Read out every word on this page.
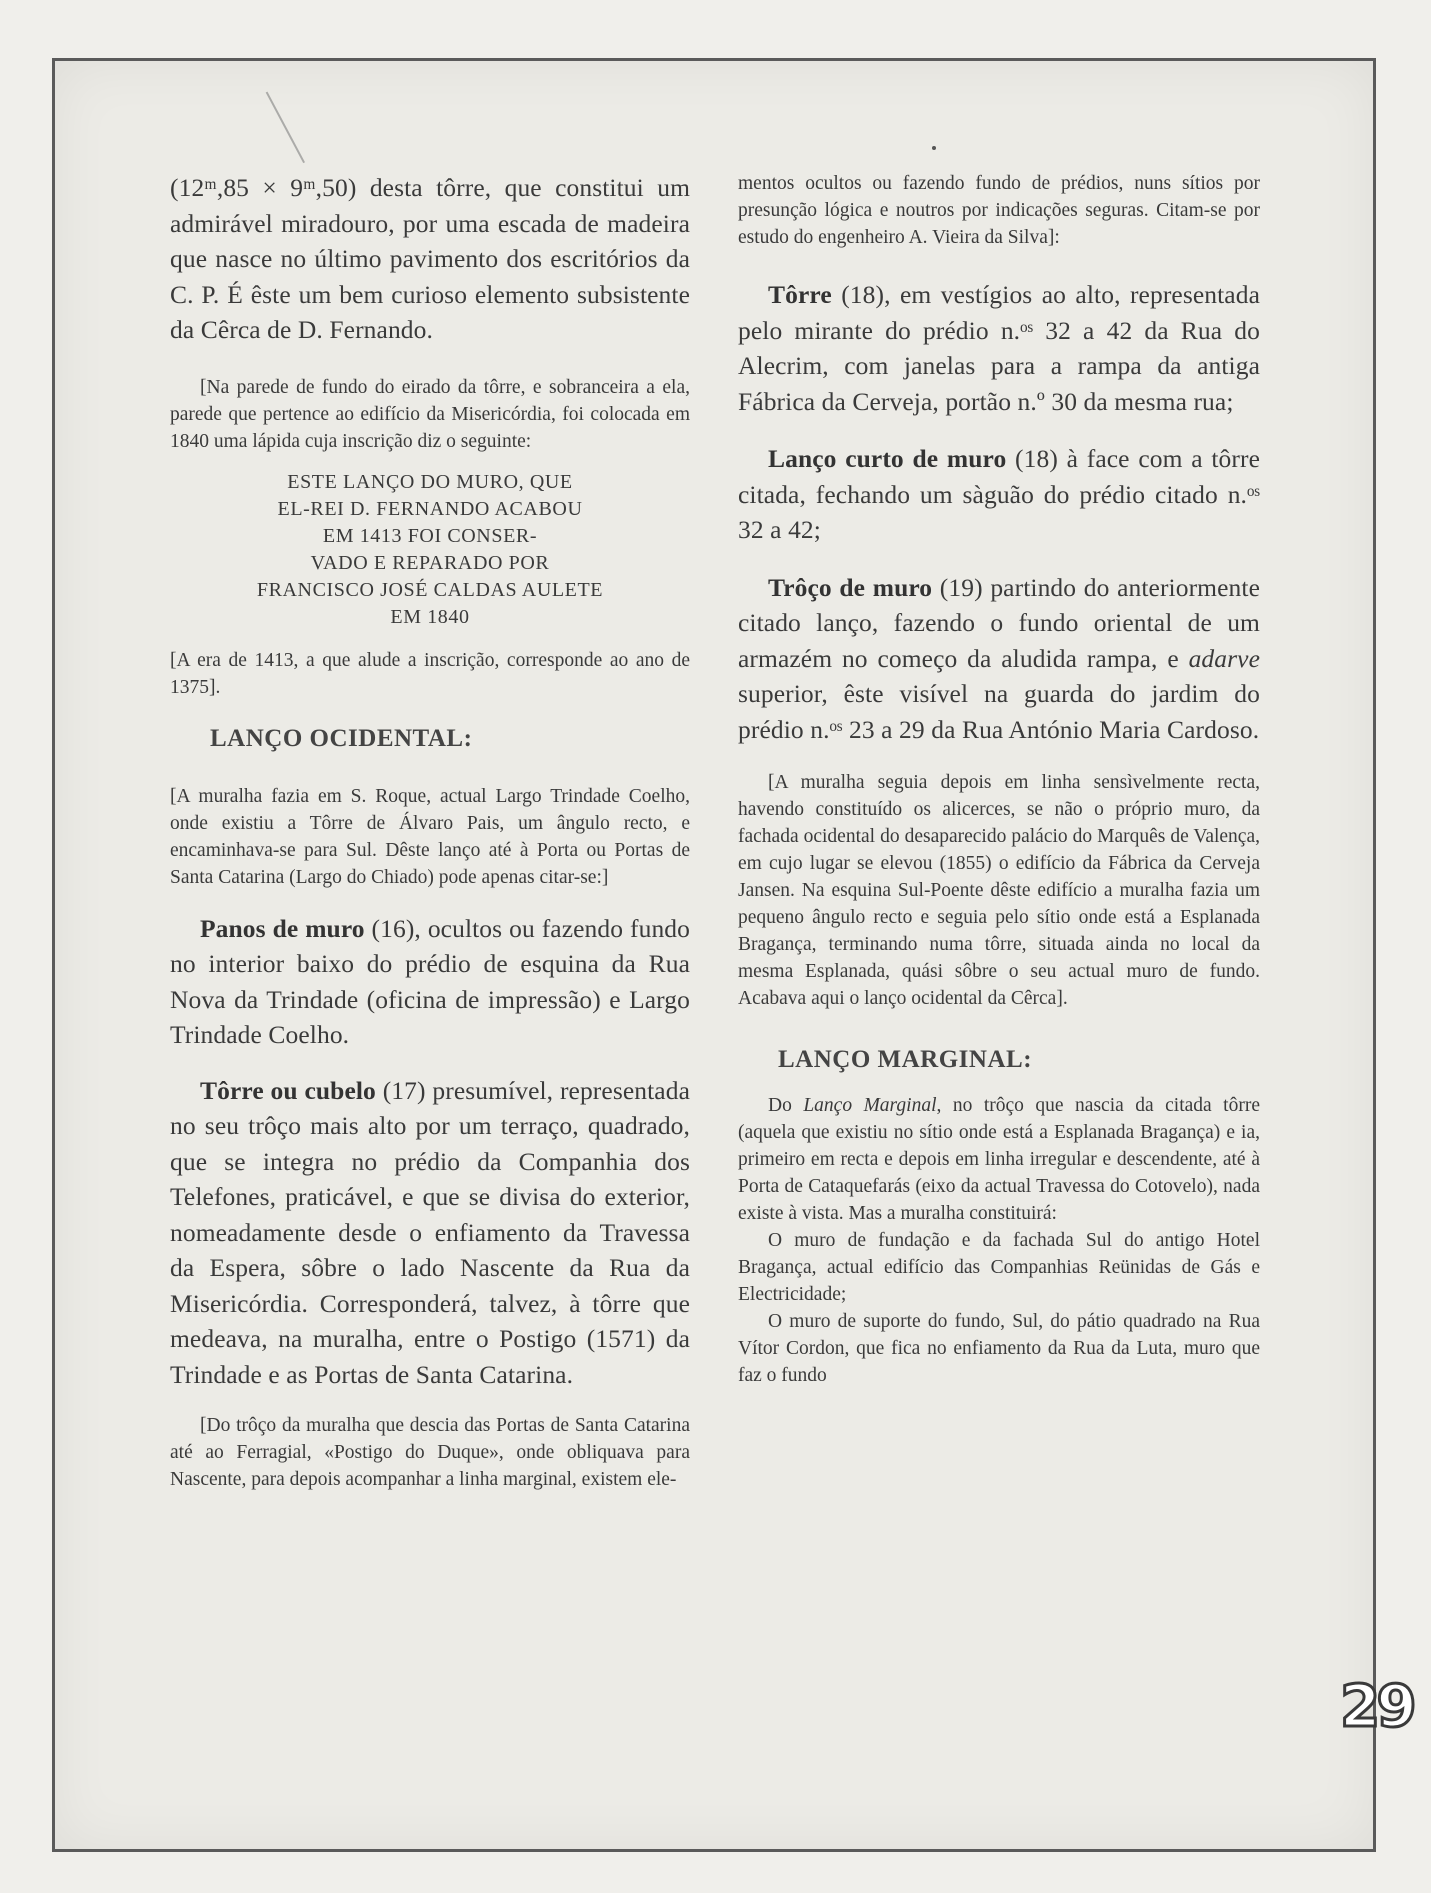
(12ᵐ,85 × 9ᵐ,50) desta tôrre, que constitui um admirável miradouro, por uma escada de madeira que nasce no último pavimento dos escritórios da C. P. É êste um bem curioso elemento subsistente da Cêrca de D. Fernando.

[Na parede de fundo do eirado da tôrre, e sobranceira a ela, parede que pertence ao edifício da Misericórdia, foi colocada em 1840 uma lápida cuja inscrição diz o seguinte:

ESTE LANÇO DO MURO, QUE
EL-REI D. FERNANDO ACABOU
EM 1413 FOI CONSER-
VADO E REPARADO POR
FRANCISCO JOSÉ CALDAS AULETE
EM 1840

[A era de 1413, a que alude a inscrição, corresponde ao ano de 1375].

LANÇO OCIDENTAL:

[A muralha fazia em S. Roque, actual Largo Trindade Coelho, onde existiu a Tôrre de Álvaro Pais, um ângulo recto, e encaminhava-se para Sul. Dêste lanço até à Porta ou Portas de Santa Catarina (Largo do Chiado) pode apenas citar-se:]

Panos de muro (16), ocultos ou fazendo fundo no interior baixo do prédio de esquina da Rua Nova da Trindade (oficina de impressão) e Largo Trindade Coelho.

Tôrre ou cubelo (17) presumível, representada no seu trôço mais alto por um terraço, quadrado, que se integra no prédio da Companhia dos Telefones, praticável, e que se divisa do exterior, nomeadamente desde o enfiamento da Travessa da Espera, sôbre o lado Nascente da Rua da Misericórdia. Corresponderá, talvez, à tôrre que medeava, na muralha, entre o Postigo (1571) da Trindade e as Portas de Santa Catarina.

[Do trôço da muralha que descia das Portas de Santa Catarina até ao Ferragial, «Postigo do Duque», onde obliquava para Nascente, para depois acompanhar a linha marginal, existem ele-

mentos ocultos ou fazendo fundo de prédios, nuns sítios por presunção lógica e noutros por indicações seguras. Citam-se por estudo do engenheiro A. Vieira da Silva]:

Tôrre (18), em vestígios ao alto, representada pelo mirante do prédio n.ᵒˢ 32 a 42 da Rua do Alecrim, com janelas para a rampa da antiga Fábrica da Cerveja, portão n.º 30 da mesma rua;

Lanço curto de muro (18) à face com a tôrre citada, fechando um sàguão do prédio citado n.ᵒˢ 32 a 42;

Trôço de muro (19) partindo do anteriormente citado lanço, fazendo o fundo oriental de um armazém no começo da aludida rampa, e adarve superior, êste visível na guarda do jardim do prédio n.ᵒˢ 23 a 29 da Rua António Maria Cardoso.

[A muralha seguia depois em linha sensìvelmente recta, havendo constituído os alicerces, se não o próprio muro, da fachada ocidental do desaparecido palácio do Marquês de Valença, em cujo lugar se elevou (1855) o edifício da Fábrica da Cerveja Jansen. Na esquina Sul-Poente dêste edifício a muralha fazia um pequeno ângulo recto e seguia pelo sítio onde está a Esplanada Bragança, terminando numa tôrre, situada ainda no local da mesma Esplanada, quási sôbre o seu actual muro de fundo. Acabava aqui o lanço ocidental da Cêrca].

LANÇO MARGINAL:

Do Lanço Marginal, no trôço que nascia da citada tôrre (aquela que existiu no sítio onde está a Esplanada Bragança) e ia, primeiro em recta e depois em linha irregular e descendente, até à Porta de Cataquefarás (eixo da actual Travessa do Cotovelo), nada existe à vista. Mas a muralha constituirá:

O muro de fundação e da fachada Sul do antigo Hotel Bragança, actual edifício das Companhias Reünidas de Gás e Electricidade;

O muro de suporte do fundo, Sul, do pátio quadrado na Rua Vítor Cordon, que fica no enfiamento da Rua da Luta, muro que faz o fundo

29
